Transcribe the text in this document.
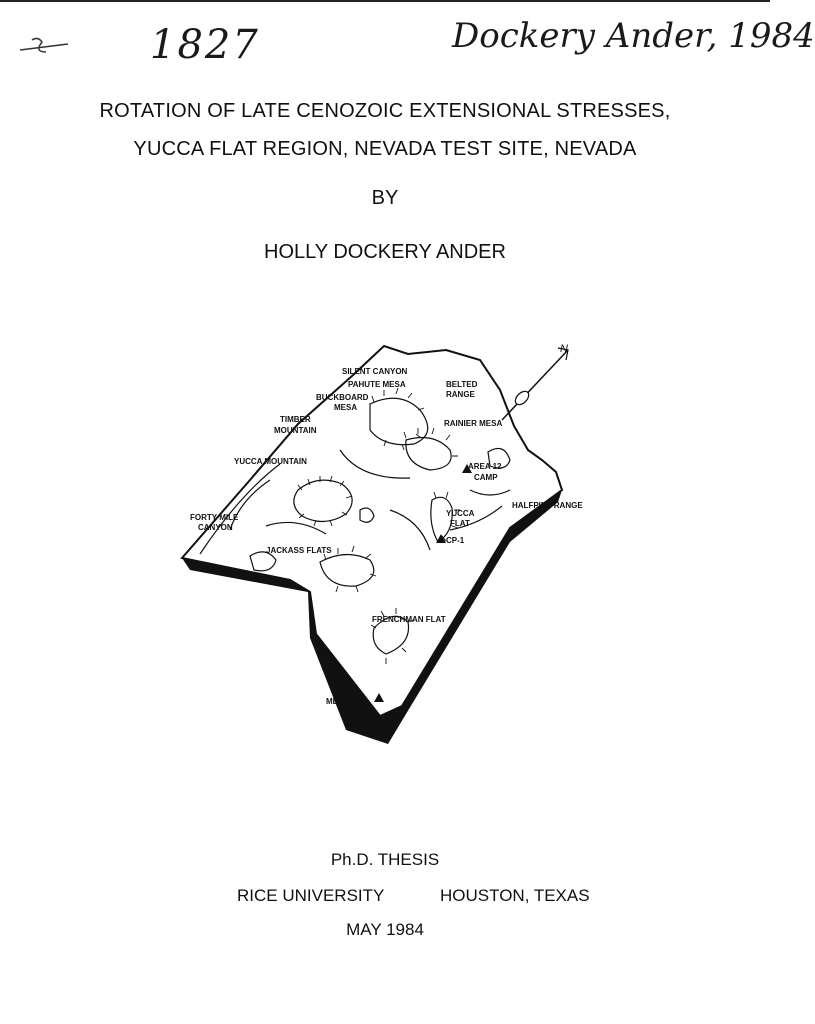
1827	Dockery Ander, 1984
ROTATION OF LATE CENOZOIC EXTENSIONAL STRESSES,
YUCCA FLAT REGION, NEVADA TEST SITE, NEVADA
BY
HOLLY DOCKERY ANDER
N
SILENT CANYON
PAHUTE MESA	BELTED
RANGE
BUCKBOARD
MESA
TIMBER
MOUNTAIN
RAINIER MESA
YUCCA MOUNTAIN
AREA 12
CAMP
HALFPINT RANGE
FORTY MILE
CANYON
YUCCA
FLAT
CP-1
JACKASS FLATS
FRENCHMAN FLAT
MERCURY
Ph.D. THESIS
RICE UNIVERSITY	HOUSTON, TEXAS
MAY 1984
